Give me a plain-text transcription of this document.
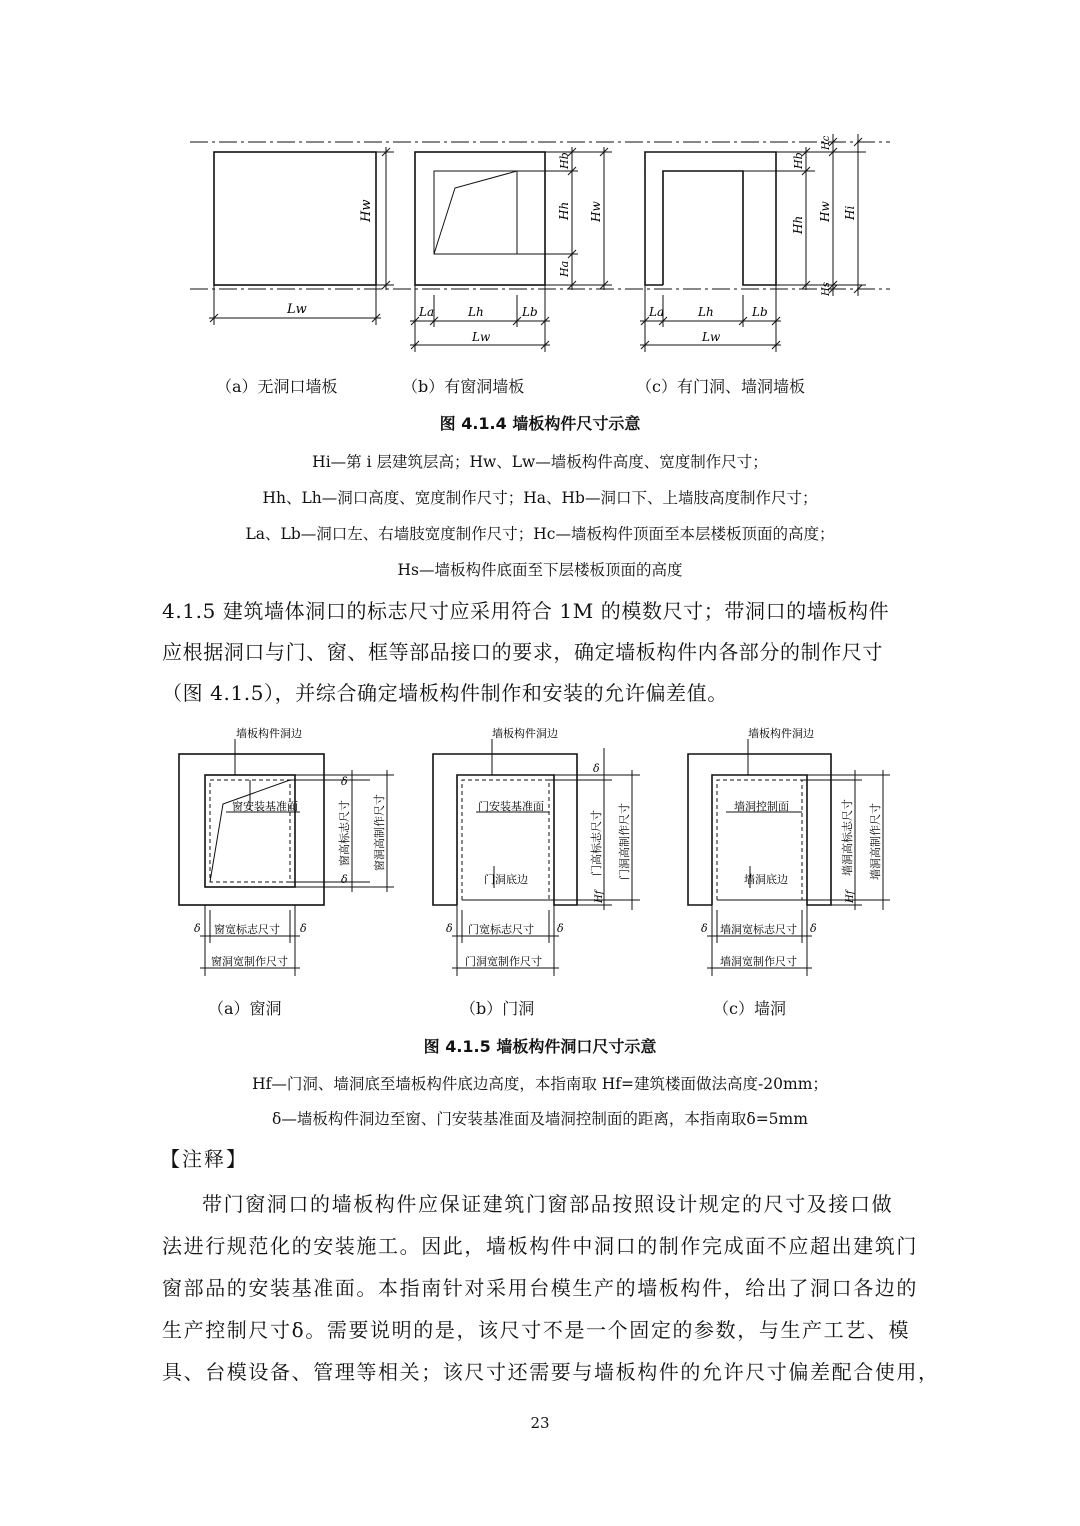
Hw
Lw
Hb
Hh
Ha
Hw
La	Lh	Lb
Lw
Hb
Hh
Hc
Hw
Hs
Hi
La	Lh	Lb
Lw
（a）无洞口墙板	（b）有窗洞墙板	（c）有门洞、墙洞墙板
图 4.1.4 墙板构件尺寸示意
Hi—第 i 层建筑层高；Hw、Lw—墙板构件高度、宽度制作尺寸；
Hh、Lh—洞口高度、宽度制作尺寸；Ha、Hb—洞口下、上墙肢高度制作尺寸；
La、Lb—洞口左、右墙肢宽度制作尺寸；Hc—墙板构件顶面至本层楼板顶面的高度；
Hs—墙板构件底面至下层楼板顶面的高度
4.1.5 建筑墙体洞口的标志尺寸应采用符合 1M 的模数尺寸；带洞口的墙板构件
应根据洞口与门、窗、框等部品接口的要求，确定墙板构件内各部分的制作尺寸
（图 4.1.5），并综合确定墙板构件制作和安装的允许偏差值。
墙板构件洞边
窗安装基准面
δ
δ
窗高标志尺寸 窗洞高制作尺寸
δ	δ
窗宽标志尺寸
窗洞宽制作尺寸
墙板构件洞边
门安装基准面
门洞底边
δ
Hf
门高标志尺寸 门洞高制作尺寸
δ	δ
门宽标志尺寸
门洞宽制作尺寸
墙板构件洞边
墙洞控制面
墙洞底边
Hf
墙洞高标志尺寸 墙洞高制作尺寸
δ	δ
墙洞宽标志尺寸
墙洞宽制作尺寸
（a）窗洞	（b）门洞	（c）墙洞
图 4.1.5 墙板构件洞口尺寸示意
Hf—门洞、墙洞底至墙板构件底边高度，本指南取 Hf=建筑楼面做法高度-20mm；
δ—墙板构件洞边至窗、门安装基准面及墙洞控制面的距离，本指南取δ=5mm
【注释】
带门窗洞口的墙板构件应保证建筑门窗部品按照设计规定的尺寸及接口做
法进行规范化的安装施工。因此，墙板构件中洞口的制作完成面不应超出建筑门
窗部品的安装基准面。本指南针对采用台模生产的墙板构件，给出了洞口各边的
生产控制尺寸δ。需要说明的是，该尺寸不是一个固定的参数，与生产工艺、模
具、台模设备、管理等相关；该尺寸还需要与墙板构件的允许尺寸偏差配合使用，
23
